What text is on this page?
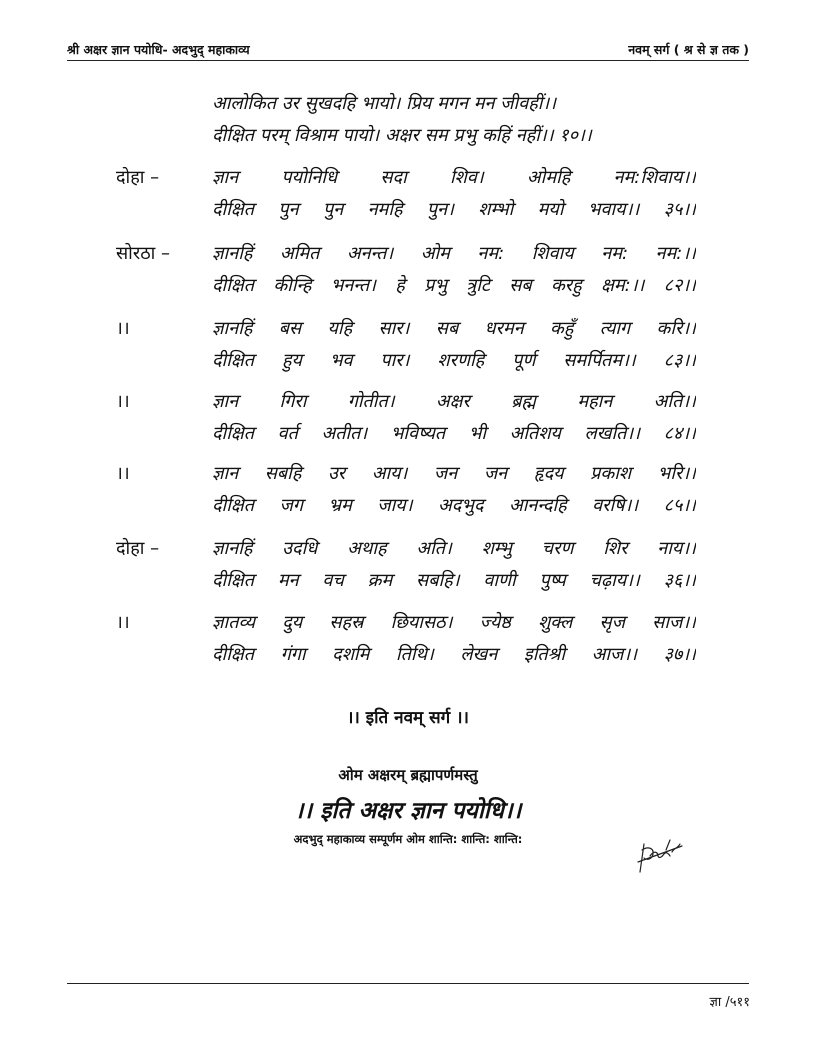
श्री अक्षर ज्ञान पयोधि- अदभुद् महाकाव्य	नवम् सर्ग ( श्र से ज्ञ तक )
आलोकित उर सुखदहि भायो। प्रिय मगन मन जीवहीं।।
दीक्षित परम् विश्राम पायो। अक्षर सम प्रभु कहिं नहीं।। १०।।
दोहा –	ज्ञान पयोनिधि सदा शिव। ओमहि नम:शिवाय।।
दीक्षित पुन पुन नमहि पुन। शम्भो मयो भवाय।। ३५।।
सोरठा – ज्ञानहिं अमित अनन्त। ओम नम: शिवाय नम: नम:।।
दीक्षित कीन्हि भनन्त। हे प्रभु त्रुटि सब करहु क्षम:।। ८२।।
।।	ज्ञानहिं बस यहि सार। सब धरमन कहुँ त्याग करि।।
दीक्षित हुय भव पार। शरणहि पूर्ण समर्पितम।। ८३।।
।।	ज्ञान गिरा गोतीत। अक्षर ब्रह्म महान अति।।
दीक्षित वर्त अतीत। भविष्यत भी अतिशय लखति।। ८४।।
।।	ज्ञान सबहि उर आय। जन जन हृदय प्रकाश भरि।।
दीक्षित जग भ्रम जाय। अदभुद आनन्दहि वरषि।। ८५।।
दोहा –	ज्ञानहिं उदधि अथाह अति। शम्भु चरण शिर नाय।।
दीक्षित मन वच क्रम सबहि। वाणी पुष्प चढ़ाय।। ३६।।
।।	ज्ञातव्य दुय सहस्र छियासठ। ज्येष्ठ शुक्ल सृज साज।।
दीक्षित गंगा दशमि तिथि। लेखन इतिश्री आज।। ३७।।
।। इति नवम् सर्ग ।।
ओम अक्षरम् ब्रह्मापर्णमस्तु
।। इति अक्षर ज्ञान पयोधि।।
अदभुद् महाकाव्य सम्पूर्णम ओम शान्ति: शान्ति: शान्ति:
ज्ञा /५११
